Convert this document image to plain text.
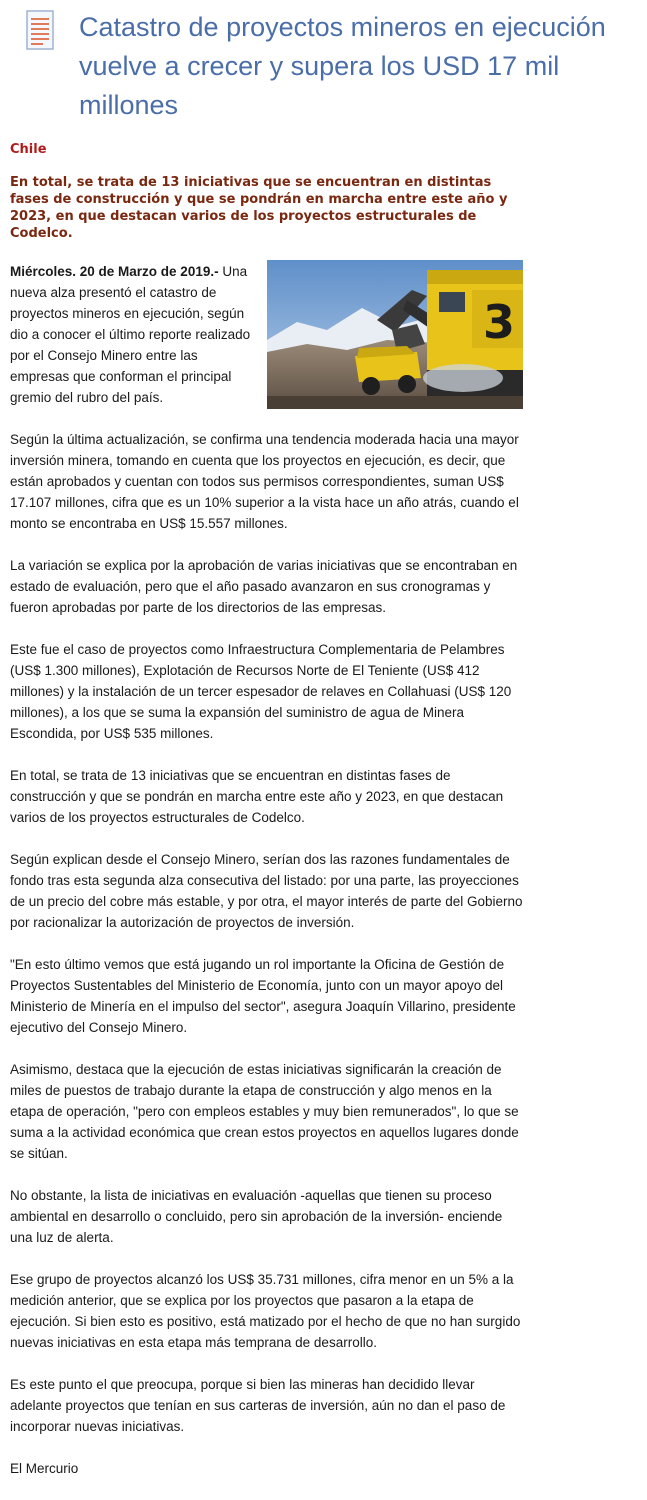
Catastro de proyectos mineros en ejecución vuelve a crecer y supera los USD 17 mil millones
Chile

En total, se trata de 13 iniciativas que se encuentran en distintas fases de construcción y que se pondrán en marcha entre este año y 2023, en que destacan varios de los proyectos estructurales de Codelco.

3

Miércoles. 20 de Marzo de 2019.- Una nueva alza presentó el catastro de proyectos mineros en ejecución, según dio a conocer el último reporte realizado por el Consejo Minero entre las empresas que conforman el principal gremio del rubro del país.

Según la última actualización, se confirma una tendencia moderada hacia una mayor inversión minera, tomando en cuenta que los proyectos en ejecución, es decir, que están aprobados y cuentan con todos sus permisos correspondientes, suman US$ 17.107 millones, cifra que es un 10% superior a la vista hace un año atrás, cuando el monto se encontraba en US$ 15.557 millones.

La variación se explica por la aprobación de varias iniciativas que se encontraban en estado de evaluación, pero que el año pasado avanzaron en sus cronogramas y fueron aprobadas por parte de los directorios de las empresas.

Este fue el caso de proyectos como Infraestructura Complementaria de Pelambres (US$ 1.300 millones), Explotación de Recursos Norte de El Teniente (US$ 412 millones) y la instalación de un tercer espesador de relaves en Collahuasi (US$ 120 millones), a los que se suma la expansión del suministro de agua de Minera Escondida, por US$ 535 millones.

En total, se trata de 13 iniciativas que se encuentran en distintas fases de construcción y que se pondrán en marcha entre este año y 2023, en que destacan varios de los proyectos estructurales de Codelco.

Según explican desde el Consejo Minero, serían dos las razones fundamentales de fondo tras esta segunda alza consecutiva del listado: por una parte, las proyecciones de un precio del cobre más estable, y por otra, el mayor interés de parte del Gobierno por racionalizar la autorización de proyectos de inversión.

"En esto último vemos que está jugando un rol importante la Oficina de Gestión de Proyectos Sustentables del Ministerio de Economía, junto con un mayor apoyo del Ministerio de Minería en el impulso del sector", asegura Joaquín Villarino, presidente ejecutivo del Consejo Minero.

Asimismo, destaca que la ejecución de estas iniciativas significarán la creación de miles de puestos de trabajo durante la etapa de construcción y algo menos en la etapa de operación, "pero con empleos estables y muy bien remunerados", lo que se suma a la actividad económica que crean estos proyectos en aquellos lugares donde se sitúan.

No obstante, la lista de iniciativas en evaluación -aquellas que tienen su proceso ambiental en desarrollo o concluido, pero sin aprobación de la inversión- enciende una luz de alerta.

Ese grupo de proyectos alcanzó los US$ 35.731 millones, cifra menor en un 5% a la medición anterior, que se explica por los proyectos que pasaron a la etapa de ejecución. Si bien esto es positivo, está matizado por el hecho de que no han surgido nuevas iniciativas en esta etapa más temprana de desarrollo.

Es este punto el que preocupa, porque si bien las mineras han decidido llevar adelante proyectos que tenían en sus carteras de inversión, aún no dan el paso de incorporar nuevas iniciativas.

El Mercurio
